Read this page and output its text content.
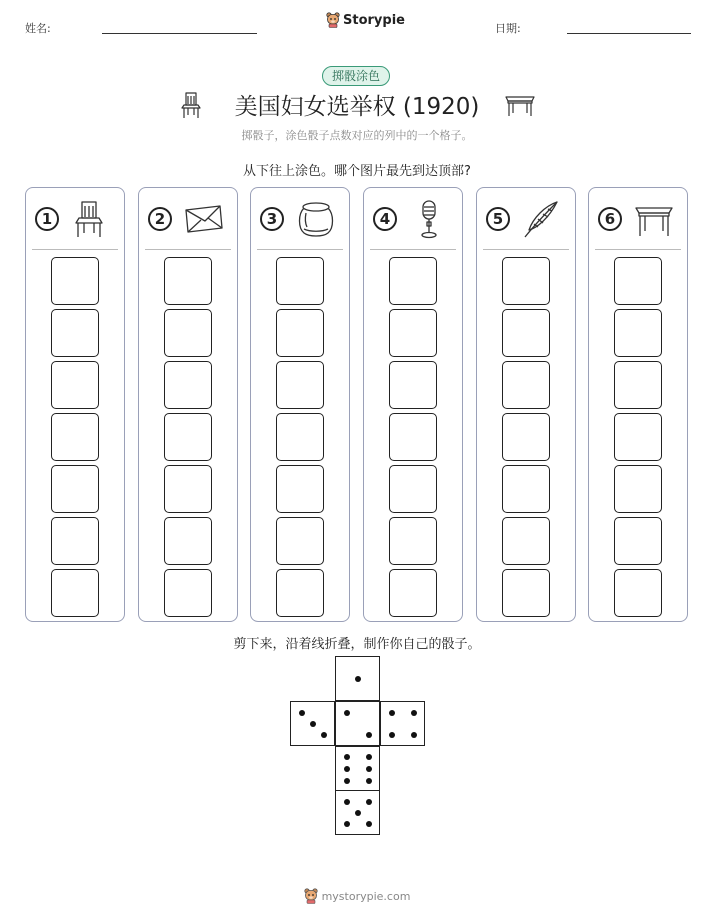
姓名:
Storypie
日期:
掷骰涂色
美国妇女选举权 (1920)
掷骰子，涂色骰子点数对应的列中的一个格子。
从下往上涂色。哪个图片最先到达顶部?
1	2	3	4	5	6
剪下来，沿着线折叠，制作你自己的骰子。
mystorypie.com
